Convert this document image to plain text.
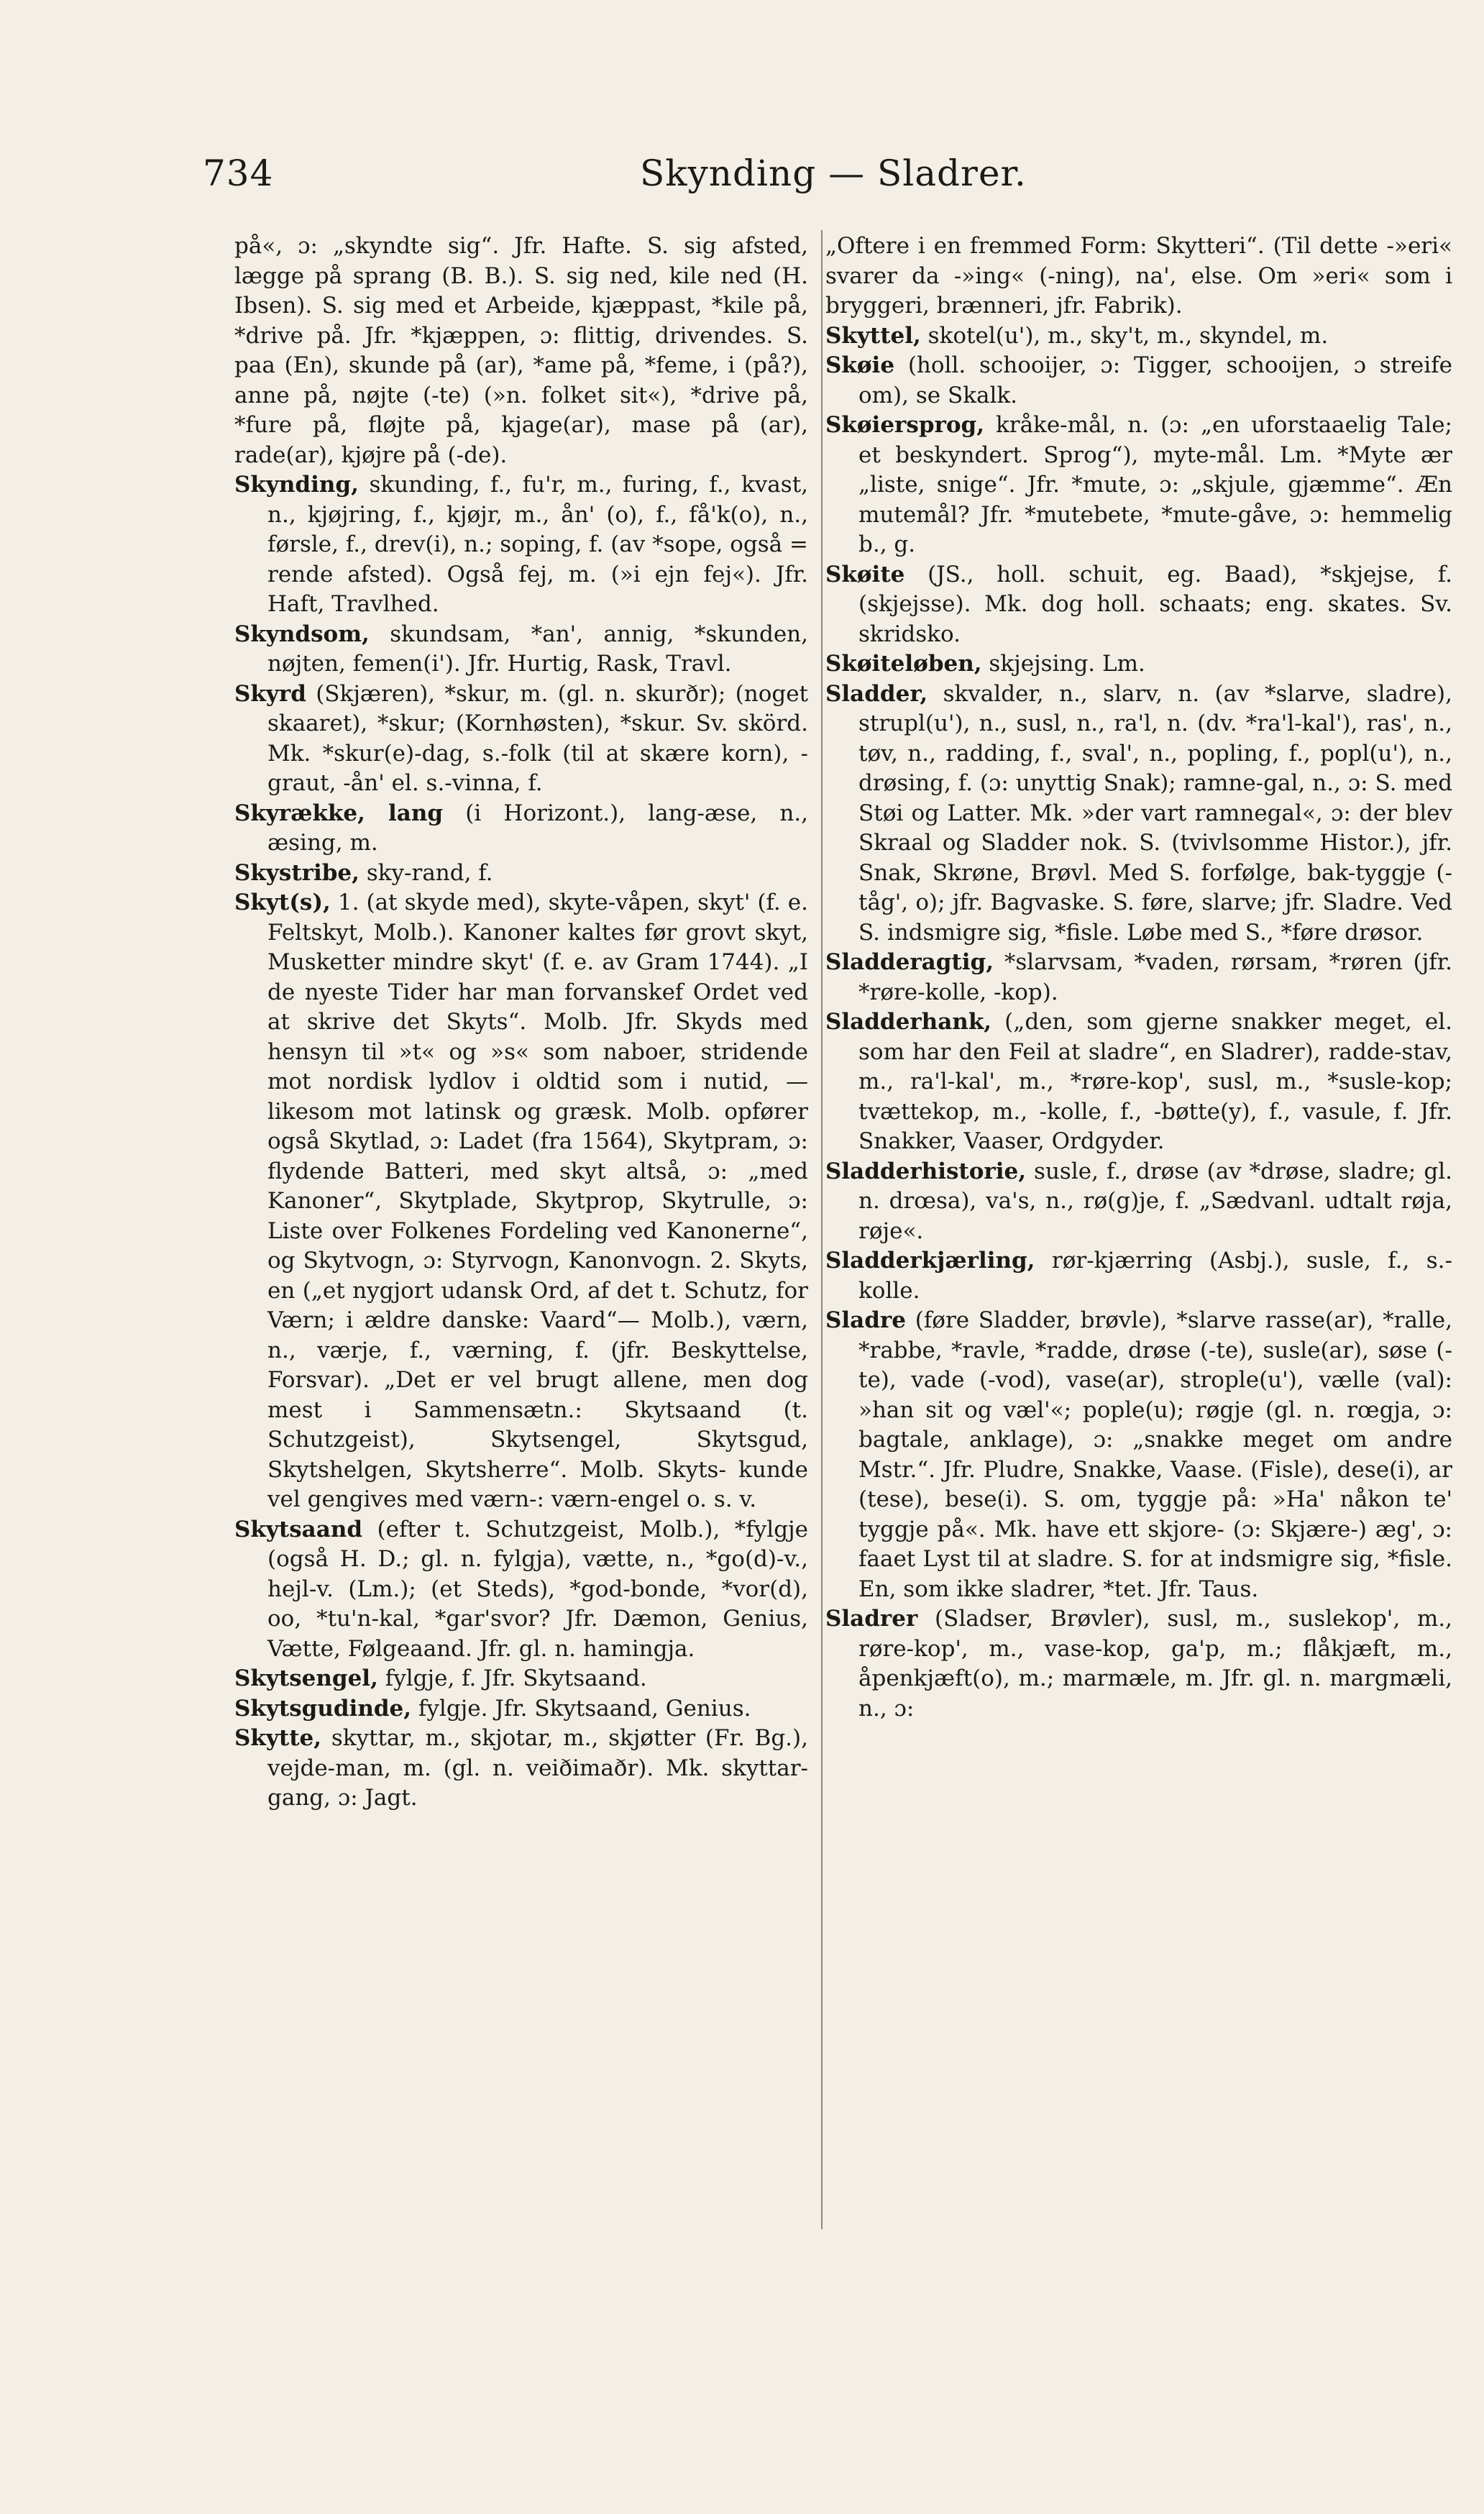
734	Skynding — Sladrer.

på«, ɔ: „skyndte sig“. Jfr. Hafte. S. sig afsted, lægge på sprang (B. B.). S. sig ned, kile ned (H. Ibsen). S. sig med et Arbeide, kjæppast, *kile på, *drive på. Jfr. *kjæppen, ɔ: flittig, drivendes. S. paa (En), skunde på (ar), *ame på, *feme, i (på?), anne på, nøjte (-te) (»n. folket sit«), *drive på, *fure på, fløjte på, kjage(ar), mase på (ar), rade(ar), kjøjre på (-de).

Skynding, skunding, f., fu'r, m., furing, f., kvast, n., kjøjring, f., kjøjr, m., ån' (o), f., få'k(o), n., førsle, f., drev(i), n.; soping, f. (av *sope, også = rende afsted). Også fej, m. (»i ejn fej«). Jfr. Haft, Travlhed.

Skyndsom, skundsam, *an', annig, *skunden, nøjten, femen(i'). Jfr. Hurtig, Rask, Travl.

Skyrd (Skjæren), *skur, m. (gl. n. skurðr); (noget skaaret), *skur; (Kornhøsten), *skur. Sv. skörd. Mk. *skur(e)-dag, s.-folk (til at skære korn), -graut, -ån' el. s.-vinna, f.

Skyrække, lang (i Horizont.), lang-æse, n., æsing, m.

Skystribe, sky-rand, f.

Skyt(s), 1. (at skyde med), skyte-våpen, skyt' (f. e. Feltskyt, Molb.). Kanoner kaltes før grovt skyt, Musketter mindre skyt' (f. e. av Gram 1744). „I de nyeste Tider har man forvanskef Ordet ved at skrive det Skyts“. Molb. Jfr. Skyds med hensyn til »t« og »s« som naboer, stridende mot nordisk lydlov i oldtid som i nutid, — likesom mot latinsk og græsk. Molb. opfører også Skytlad, ɔ: Ladet (fra 1564), Skytpram, ɔ: flydende Batteri, med skyt altså, ɔ: „med Kanoner“, Skytplade, Skytprop, Skytrulle, ɔ: Liste over Folkenes Fordeling ved Kanonerne“, og Skytvogn, ɔ: Styrvogn, Kanonvogn. 2. Skyts, en („et nygjort udansk Ord, af det t. Schutz, for Værn; i ældre danske: Vaard“— Molb.), værn, n., værje, f., værning, f. (jfr. Beskyttelse, Forsvar). „Det er vel brugt allene, men dog mest i Sammensætn.: Skytsaand (t. Schutzgeist), Skytsengel, Skytsgud, Skytshelgen, Skytsherre“. Molb. Skyts- kunde vel gengives med værn-: værn-engel o. s. v.

Skytsaand (efter t. Schutzgeist, Molb.), *fylgje (også H. D.; gl. n. fylgja), vætte, n., *go(d)-v., hejl-v. (Lm.); (et Steds), *god-bonde, *vor(d), oo, *tu'n-kal, *gar'svor? Jfr. Dæmon, Genius, Vætte, Følgeaand. Jfr. gl. n. hamingja.

Skytsengel, fylgje, f. Jfr. Skytsaand.

Skytsgudinde, fylgje. Jfr. Skytsaand, Genius.

Skytte, skyttar, m., skjotar, m., skjøtter (Fr. Bg.), vejde-man, m. (gl. n. veiðimaðr). Mk. skyttar-gang, ɔ: Jagt.

„Oftere i en fremmed Form: Skytteri“. (Til dette -»eri« svarer da -»ing« (-ning), na', else. Om »eri« som i bryggeri, brænneri, jfr. Fabrik).

Skyttel, skotel(u'), m., sky't, m., skyndel, m.

Skøie (holl. schooijer, ɔ: Tigger, schooijen, ɔ streife om), se Skalk.

Skøiersprog, kråke-mål, n. (ɔ: „en uforstaaelig Tale; et beskyndert. Sprog“), myte-mål. Lm. *Myte ær „liste, snige“. Jfr. *mute, ɔ: „skjule, gjæmme“. Æn mutemål? Jfr. *mutebete, *mute-gåve, ɔ: hemmelig b., g.

Skøite (JS., holl. schuit, eg. Baad), *skjejse, f. (skjejsse). Mk. dog holl. schaats; eng. skates. Sv. skridsko.

Skøiteløben, skjejsing. Lm.

Sladder, skvalder, n., slarv, n. (av *slarve, sladre), strupl(u'), n., susl, n., ra'l, n. (dv. *ra'l-kal'), ras', n., tøv, n., radding, f., sval', n., popling, f., popl(u'), n., drøsing, f. (ɔ: unyttig Snak); ramne-gal, n., ɔ: S. med Støi og Latter. Mk. »der vart ramnegal«, ɔ: der blev Skraal og Sladder nok. S. (tvivlsomme Histor.), jfr. Snak, Skrøne, Brøvl. Med S. forfølge, bak-tyggje (-tåg', o); jfr. Bagvaske. S. føre, slarve; jfr. Sladre. Ved S. indsmigre sig, *fisle. Løbe med S., *føre drøsor.

Sladderagtig, *slarvsam, *vaden, rørsam, *røren (jfr. *røre-kolle, -kop).

Sladderhank, („den, som gjerne snakker meget, el. som har den Feil at sladre“, en Sladrer), radde-stav, m., ra'l-kal', m., *røre-kop', susl, m., *susle-kop; tvættekop, m., -kolle, f., -bøtte(y), f., vasule, f. Jfr. Snakker, Vaaser, Ordgyder.

Sladderhistorie, susle, f., drøse (av *drøse, sladre; gl. n. drœsa), va's, n., rø(g)je, f. „Sædvanl. udtalt røja, røje«.

Sladderkjærling, rør-kjærring (Asbj.), susle, f., s.-kolle.

Sladre (føre Sladder, brøvle), *slarve rasse(ar), *ralle, *rabbe, *ravle, *radde, drøse (-te), susle(ar), søse (-te), vade (-vod), vase(ar), strople(u'), vælle (val): »han sit og væl'«; pople(u); røgje (gl. n. rœgja, ɔ: bagtale, anklage), ɔ: „snakke meget om andre Mstr.“. Jfr. Pludre, Snakke, Vaase. (Fisle), dese(i), ar (tese), bese(i). S. om, tyggje på: »Ha' nåkon te' tyggje på«. Mk. have ett skjore- (ɔ: Skjære-) æg', ɔ: faaet Lyst til at sladre. S. for at indsmigre sig, *fisle. En, som ikke sladrer, *tet. Jfr. Taus.

Sladrer (Sladser, Brøvler), susl, m., suslekop', m., røre-kop', m., vase-kop, ga'p, m.; flåkjæft, m., åpenkjæft(o), m.; marmæle, m. Jfr. gl. n. margmæli, n., ɔ:
